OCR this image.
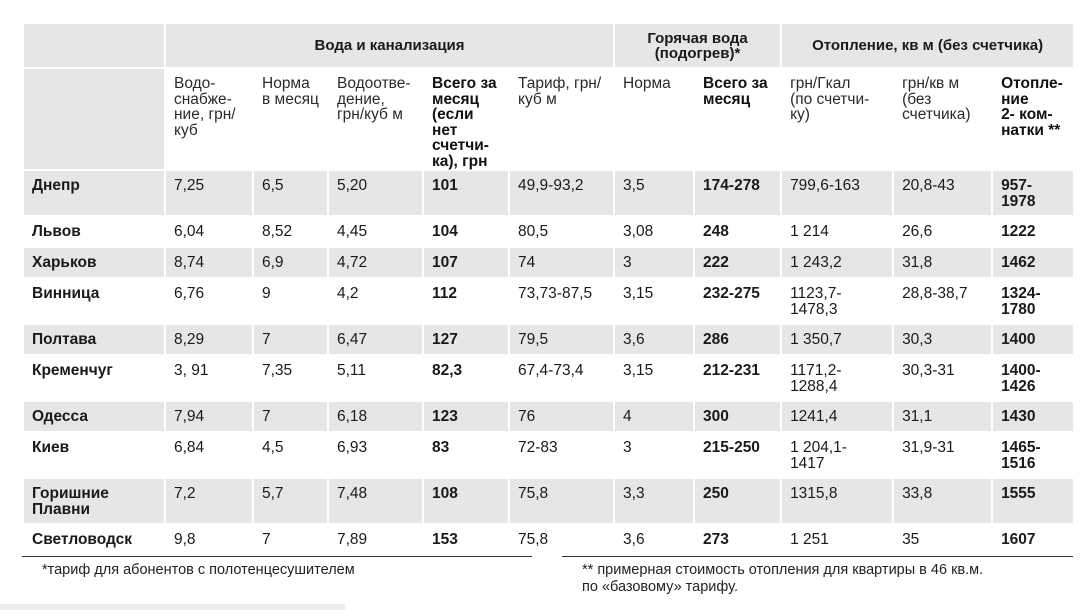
	Вода и канализация					Горячая вода (подогрев)*		Отопление, кв м (без счетчика)		
	Водо-
снабже-
ние, грн/
куб	Норма
в месяц	Водоотве-
дение,
грн/куб м	Всего за
месяц
(если нет
счетчи-
ка), грн	Тариф, грн/
куб м	Норма	Всего за
месяц	грн/Гкал
(по счетчи-
ку)	грн/кв м
(без
счетчика)	Отопле-
ние
2- ком-
натки **
Днепр	7,25	6,5	5,20	101	49,9-93,2	3,5	174-278	799,6-163	20,8-43	957-
1978
Львов	6,04	8,52	4,45	104	80,5	3,08	248	1 214	26,6	1222
Харьков	8,74	6,9	4,72	107	74	3	222	1 243,2	31,8	1462
Винница	6,76	9	4,2	112	73,73-87,5	3,15	232-275	1123,7-
1478,3	28,8-38,7	1324-
1780
Полтава	8,29	7	6,47	127	79,5	3,6	286	1 350,7	30,3	1400
Кременчуг	3, 91	7,35	5,11	82,3	67,4-73,4	3,15	212-231	1171,2-
1288,4	30,3-31	1400-
1426
Одесса	7,94	7	6,18	123	76	4	300	1241,4	31,1	1430
Киев	6,84	4,5	6,93	83	72-83	3	215-250	1 204,1-
1417	31,9-31	1465-
1516
Горишние
Плавни	7,2	5,7	7,48	108	75,8	3,3	250	1315,8	33,8	1555
Светловодск	9,8	7	7,89	153	75,8	3,6	273	1 251	35	1607
*тариф для абонентов с полотенцесушителем	** примерная стоимость отопления для квартиры в 46 кв.м.
по «базовому» тарифу.
